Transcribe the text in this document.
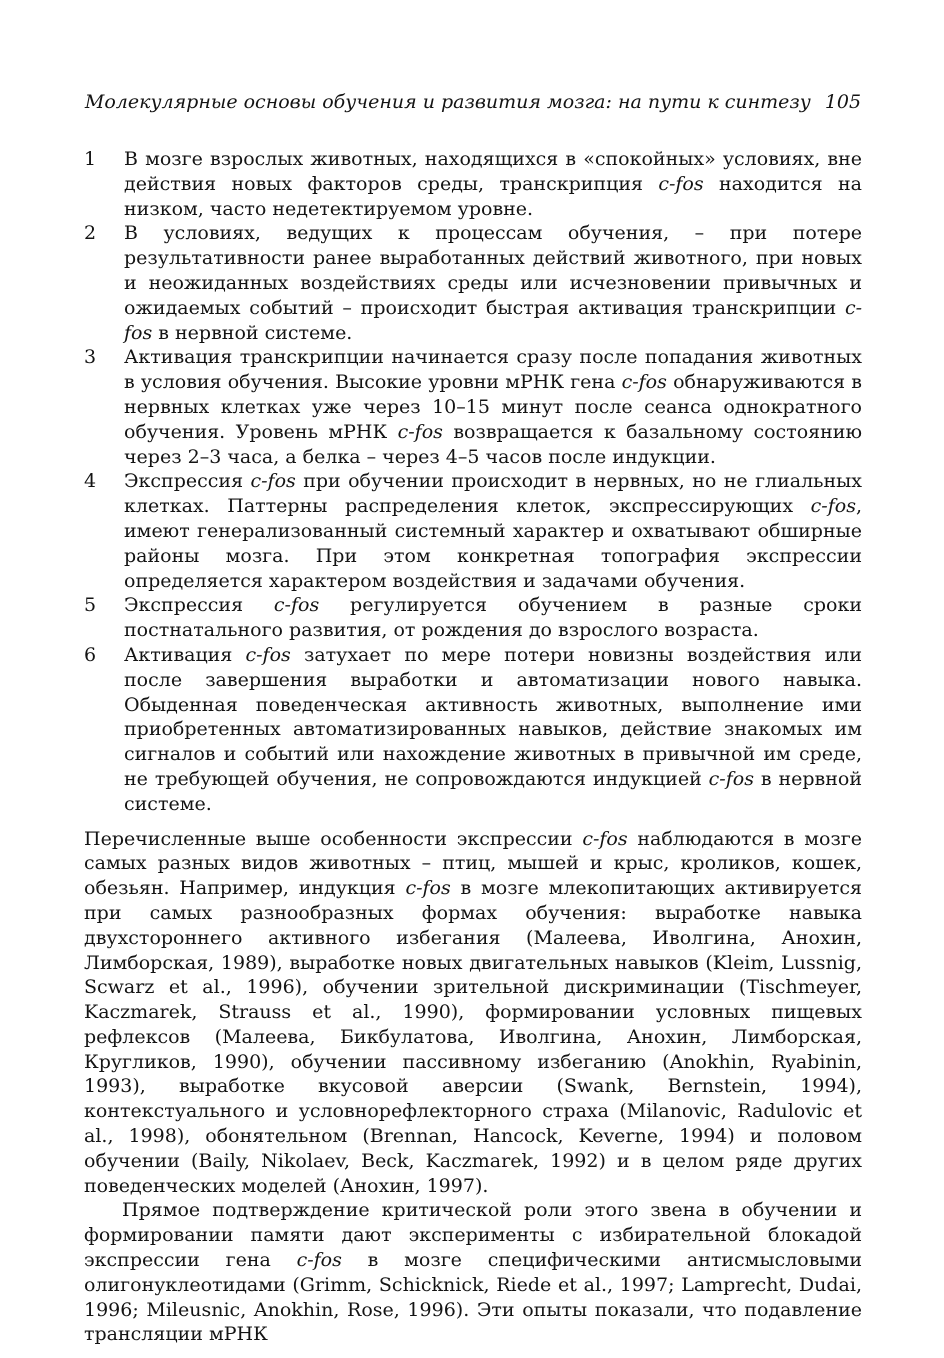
Молекулярные основы обучения и развития мозга: на пути к синтезу 105
1	В мозге взрослых животных, находящихся в «спокойных» условиях, вне действия новых факторов среды, транскрипция c-fos находится на низком, часто недетектируемом уровне.
2	В условиях, ведущих к процессам обучения, – при потере результативности ранее выработанных действий животного, при новых и неожиданных воздействиях среды или исчезновении привычных и ожидаемых событий – происходит быстрая активация транскрипции c-fos в нервной системе.
3	Активация транскрипции начинается сразу после попадания животных в условия обучения. Высокие уровни мРНК гена c-fos обнаруживаются в нервных клетках уже через 10–15 минут после сеанса однократного обучения. Уровень мРНК c-fos возвращается к базальному состоянию через 2–3 часа, а белка – через 4–5 часов после индукции.
4	Экспрессия c-fos при обучении происходит в нервных, но не глиальных клетках. Паттерны распределения клеток, экспрессирующих c-fos, имеют генерализованный системный характер и охватывают обширные районы мозга. При этом конкретная топография экспрессии определяется характером воздействия и задачами обучения.
5	Экспрессия c-fos регулируется обучением в разные сроки постнатального развития, от рождения до взрослого возраста.
6	Активация c-fos затухает по мере потери новизны воздействия или после завершения выработки и автоматизации нового навыка. Обыденная поведенческая активность животных, выполнение ими приобретенных автоматизированных навыков, действие знакомых им сигналов и событий или нахождение животных в привычной им среде, не требующей обучения, не сопровождаются индукцией c-fos в нервной системе.

Перечисленные выше особенности экспрессии c-fos наблюдаются в мозге самых разных видов животных – птиц, мышей и крыс, кроликов, кошек, обезьян. Например, индукция c-fos в мозге млекопитающих активируется при самых разнообразных формах обучения: выработке навыка двухстороннего активного избегания (Малеева, Иволгина, Анохин, Лимборская, 1989), выработке новых двигательных навыков (Kleim, Lussnig, Scwarz et al., 1996), обучении зрительной дискриминации (Tischmeyer, Kaczmarek, Strauss et al., 1990), формировании условных пищевых рефлексов (Малеева, Бикбулатова, Иволгина, Анохин, Лимборская, Кругликов, 1990), обучении пассивному избеганию (Anokhin, Ryabinin, 1993), выработке вкусовой аверсии (Swank, Bernstein, 1994), контекстуального и условнорефлекторного страха (Milanovic, Radulovic et al., 1998), обонятельном (Brennan, Hancock, Keverne, 1994) и половом обучении (Baily, Nikolaev, Beck, Kaczmarek, 1992) и в целом ряде других поведенческих моделей (Анохин, 1997).

Прямое подтверждение критической роли этого звена в обучении и формировании памяти дают эксперименты с избирательной блокадой экспрессии гена c-fos в мозге специфическими антисмысловыми олигонуклеотидами (Grimm, Schicknick, Riede et al., 1997; Lamprecht, Dudai, 1996; Mileusnic, Anokhin, Rose, 1996). Эти опыты показали, что подавление трансляции мРНК
